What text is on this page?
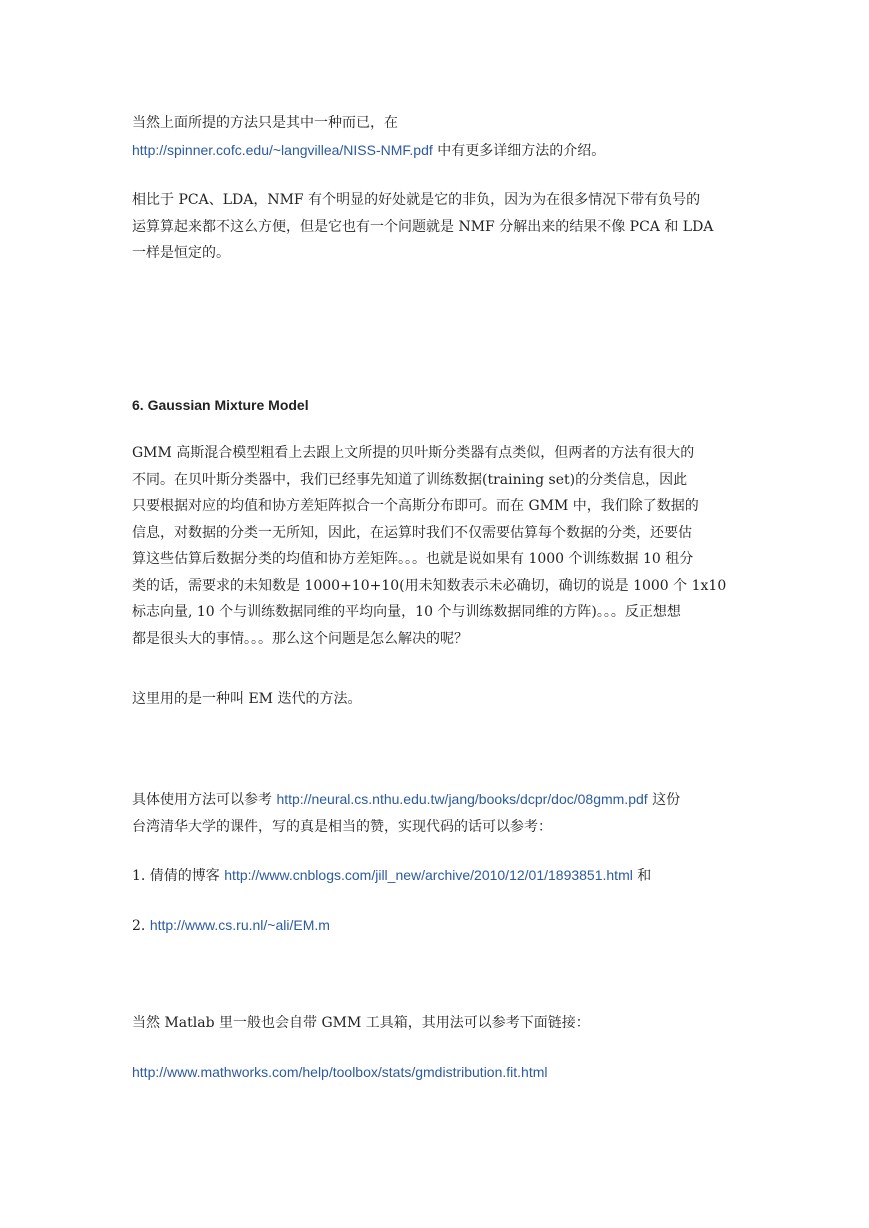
当然上面所提的方法只是其中一种而已，在
http://spinner.cofc.edu/~langvillea/NISS-NMF.pdf 中有更多详细方法的介绍。

相比于 PCA、LDA，NMF 有个明显的好处就是它的非负，因为为在很多情况下带有负号的
运算算起来都不这么方便，但是它也有一个问题就是 NMF 分解出来的结果不像 PCA 和 LDA
一样是恒定的。

6. Gaussian Mixture Model

GMM 高斯混合模型粗看上去跟上文所提的贝叶斯分类器有点类似，但两者的方法有很大的
不同。在贝叶斯分类器中，我们已经事先知道了训练数据(training set)的分类信息，因此
只要根据对应的均值和协方差矩阵拟合一个高斯分布即可。而在 GMM 中，我们除了数据的
信息，对数据的分类一无所知，因此，在运算时我们不仅需要估算每个数据的分类，还要估
算这些估算后数据分类的均值和协方差矩阵。。。也就是说如果有 1000 个训练数据 10 租分
类的话，需要求的未知数是 1000+10+10(用未知数表示未必确切，确切的说是 1000 个 1x10
标志向量, 10 个与训练数据同维的平均向量，10 个与训练数据同维的方阵)。。。反正想想
都是很头大的事情。。。那么这个问题是怎么解决的呢？

这里用的是一种叫 EM 迭代的方法。

具体使用方法可以参考 http://neural.cs.nthu.edu.tw/jang/books/dcpr/doc/08gmm.pdf 这份
台湾清华大学的课件，写的真是相当的赞，实现代码的话可以参考：

1. 倩倩的博客 http://www.cnblogs.com/jill_new/archive/2010/12/01/1893851.html 和

2. http://www.cs.ru.nl/~ali/EM.m

当然 Matlab 里一般也会自带 GMM 工具箱，其用法可以参考下面链接：

http://www.mathworks.com/help/toolbox/stats/gmdistribution.fit.html
